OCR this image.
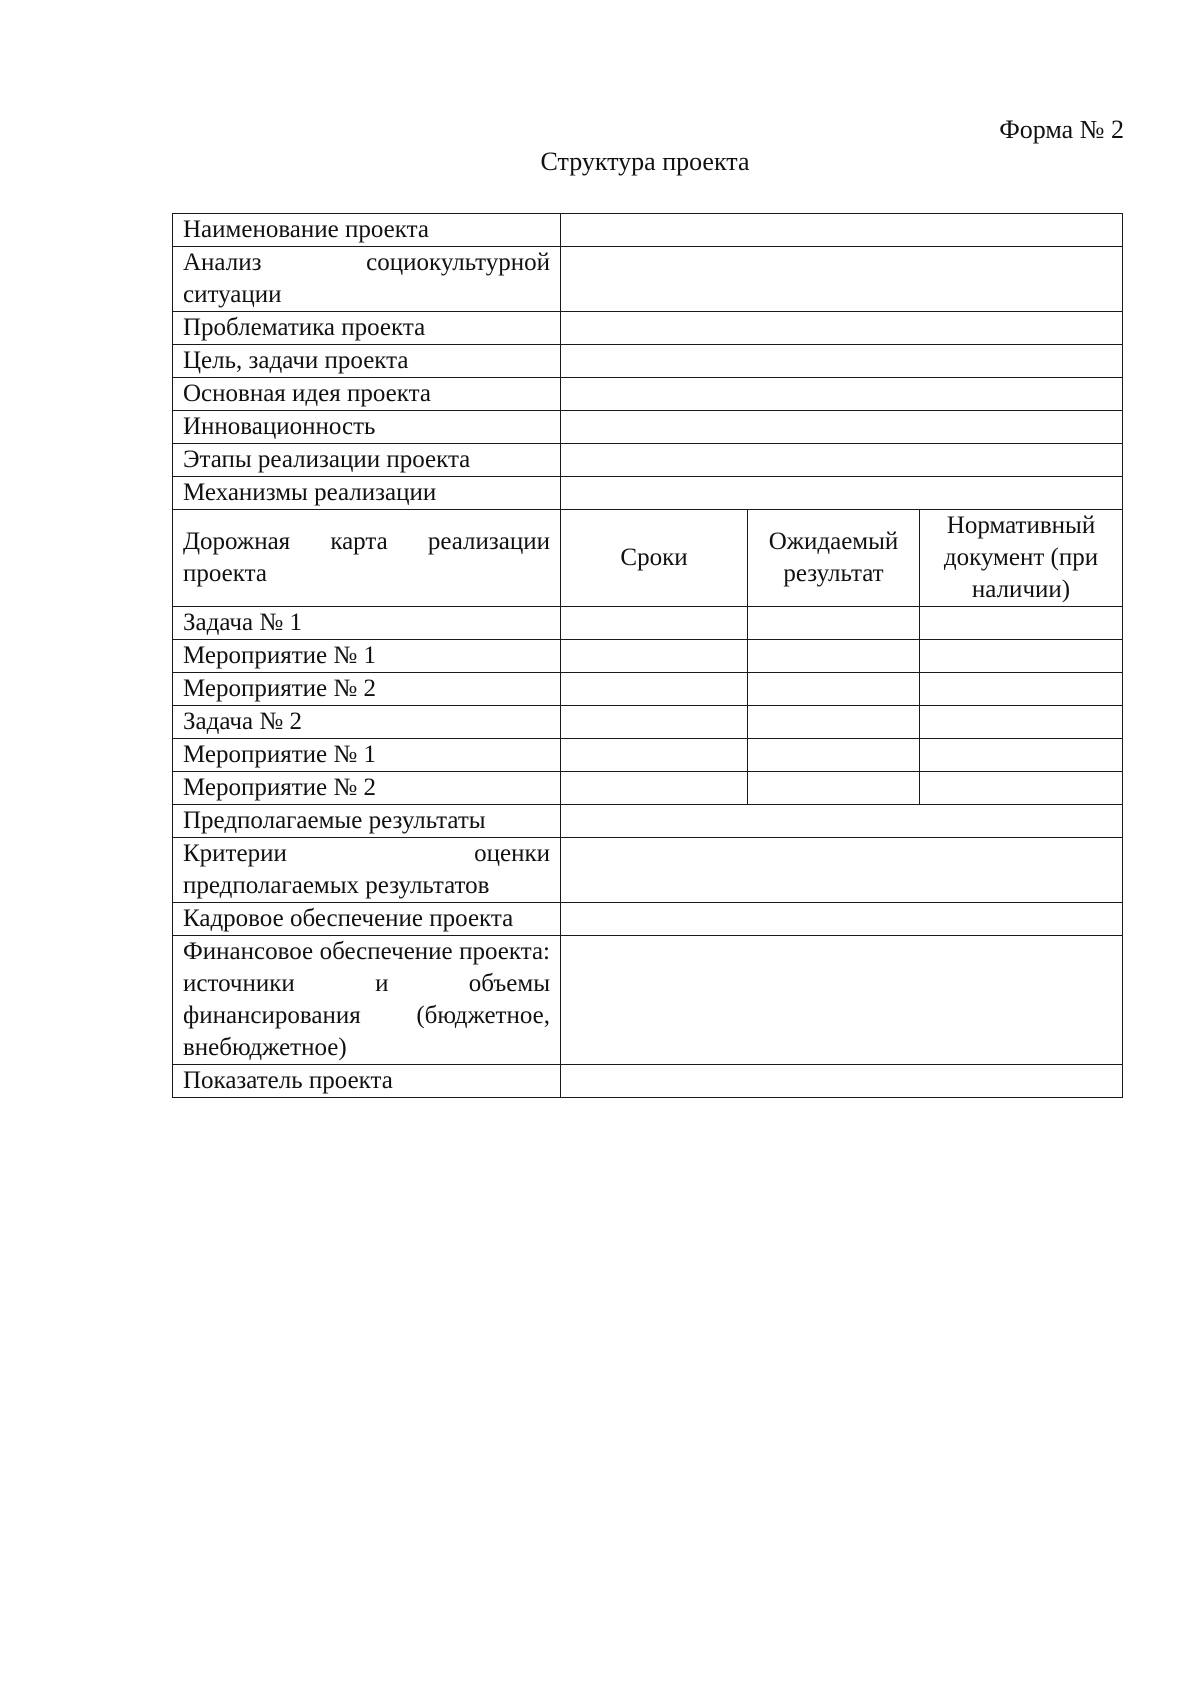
Форма № 2
Структура проекта
Наименование проекта			
Анализ социокультурной ситуации			
Проблематика проекта			
Цель, задачи проекта			
Основная идея проекта			
Инновационность			
Этапы реализации проекта			
Механизмы реализации			
Дорожная карта реализации проекта	Сроки	Ожидаемый результат	Нормативный документ (при наличии)
Задача № 1			
Мероприятие № 1			
Мероприятие № 2			
Задача № 2			
Мероприятие № 1			
Мероприятие № 2			
Предполагаемые результаты			
Критерии оценки предполагаемых результатов			
Кадровое обеспечение проекта			
Финансовое обеспечение проекта: источники и объемы финансирования (бюджетное, внебюджетное)			
Показатель проекта			
